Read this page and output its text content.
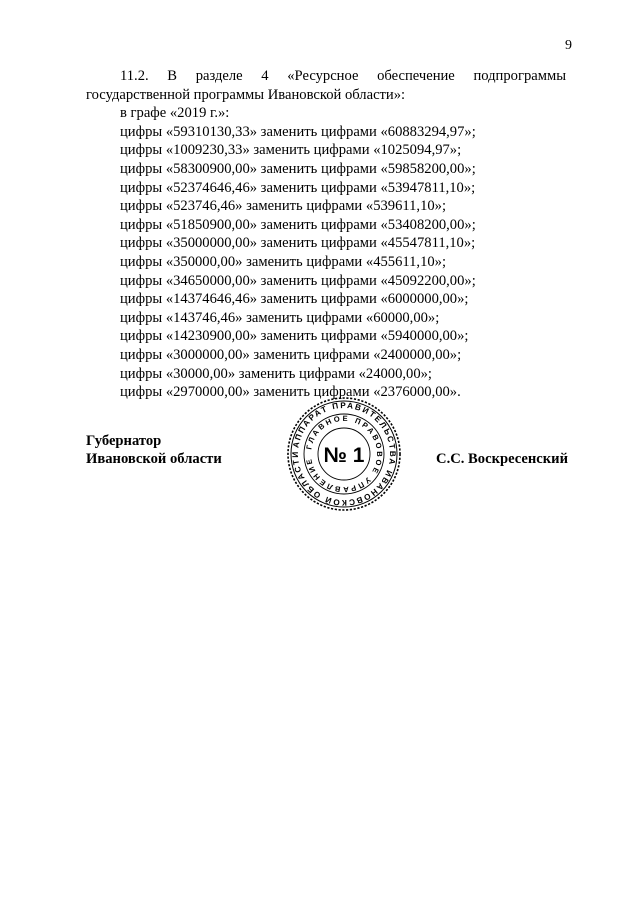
9

11.2. В разделе 4 «Ресурсное обеспечение подпрограммы государственной программы Ивановской области»:

в графе «2019 г.»:

цифры «59310130,33» заменить цифрами «60883294,97»;

цифры «1009230,33» заменить цифрами «1025094,97»;

цифры «58300900,00» заменить цифрами «59858200,00»;

цифры «52374646,46» заменить цифрами «53947811,10»;

цифры «523746,46» заменить цифрами «539611,10»;

цифры «51850900,00» заменить цифрами «53408200,00»;

цифры «35000000,00» заменить цифрами «45547811,10»;

цифры «350000,00» заменить цифрами «455611,10»;

цифры «34650000,00» заменить цифрами «45092200,00»;

цифры «14374646,46» заменить цифрами «6000000,00»;

цифры «143746,46» заменить цифрами «60000,00»;

цифры «14230900,00» заменить цифрами «5940000,00»;

цифры «3000000,00» заменить цифрами «2400000,00»;

цифры «30000,00» заменить цифрами «24000,00»;

цифры «2970000,00» заменить цифрами «2376000,00».

Губернатор
Ивановской области	С.С. Воскресенский
АППАРАТ ПРАВИТЕЛЬСТВА ИВАНОВСКОЙ ОБЛАСТИ
ГЛАВНОЕ ПРАВОВОЕ УПРАВЛЕНИЕ № 1
